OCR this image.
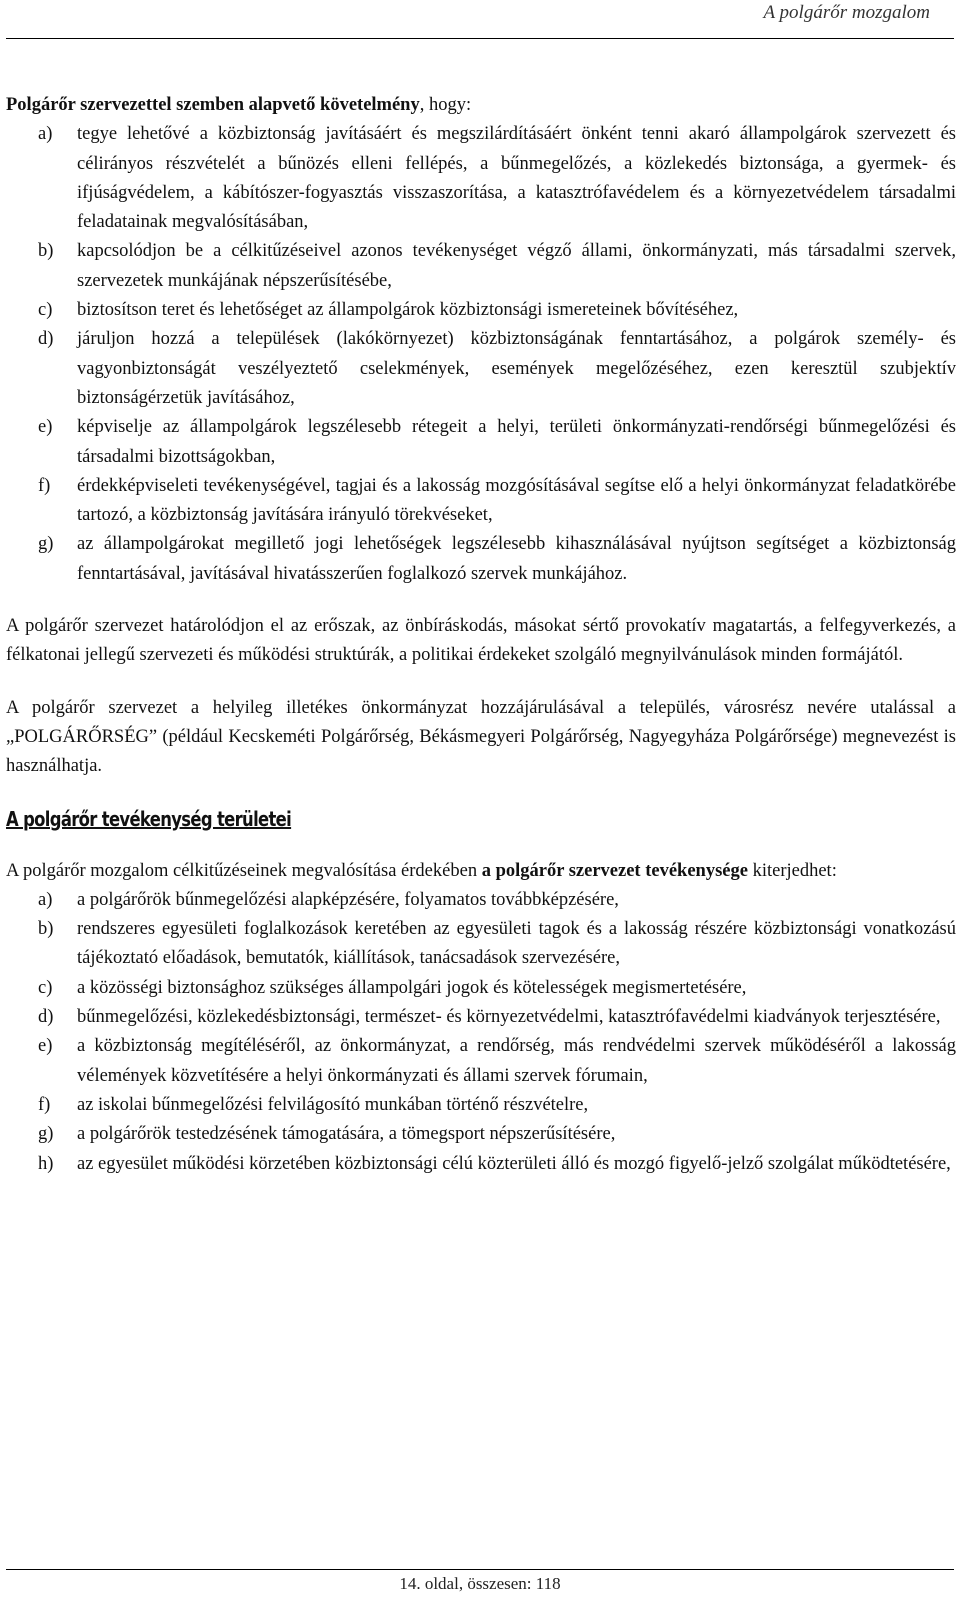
A polgárőr mozgalom

Polgárőr szervezettel szemben alapvető követelmény, hogy:

a) tegye lehetővé a közbiztonság javításáért és megszilárdításáért önként tenni akaró állampolgárok szervezett és célirányos részvételét a bűnözés elleni fellépés, a bűnmegelőzés, a közlekedés biztonsága, a gyermek- és ifjúságvédelem, a kábítószer-fogyasztás visszaszorítása, a katasztrófavédelem és a környezetvédelem társadalmi feladatainak megvalósításában,
b) kapcsolódjon be a célkitűzéseivel azonos tevékenységet végző állami, önkormányzati, más társadalmi szervek, szervezetek munkájának népszerűsítésébe,
c) biztosítson teret és lehetőséget az állampolgárok közbiztonsági ismereteinek bővítéséhez,
d) járuljon hozzá a települések (lakókörnyezet) közbiztonságának fenntartásához, a polgárok személy- és vagyonbiztonságát veszélyeztető cselekmények, események megelőzéséhez, ezen keresztül szubjektív biztonságérzetük javításához,
e) képviselje az állampolgárok legszélesebb rétegeit a helyi, területi önkormányzati-rendőrségi bűnmegelőzési és társadalmi bizottságokban,
f) érdekképviseleti tevékenységével, tagjai és a lakosság mozgósításával segítse elő a helyi önkormányzat feladatkörébe tartozó, a közbiztonság javítására irányuló törekvéseket,
g) az állampolgárokat megillető jogi lehetőségek legszélesebb kihasználásával nyújtson segítséget a közbiztonság fenntartásával, javításával hivatásszerűen foglalkozó szervek munkájához.

A polgárőr szervezet határolódjon el az erőszak, az önbíráskodás, másokat sértő provokatív magatartás, a felfegyverkezés, a félkatonai jellegű szervezeti és működési struktúrák, a politikai érdekeket szolgáló megnyilvánulások minden formájától.

A polgárőr szervezet a helyileg illetékes önkormányzat hozzájárulásával a település, városrész nevére utalással a „POLGÁRŐRSÉG” (például Kecskeméti Polgárőrség, Békásmegyeri Polgárőrség, Nagyegyháza Polgárőrsége) megnevezést is használhatja.

A polgárőr tevékenység területei

A polgárőr mozgalom célkitűzéseinek megvalósítása érdekében a polgárőr szervezet tevékenysége kiterjedhet:

a) a polgárőrök bűnmegelőzési alapképzésére, folyamatos továbbképzésére,
b) rendszeres egyesületi foglalkozások keretében az egyesületi tagok és a lakosság részére közbiztonsági vonatkozású tájékoztató előadások, bemutatók, kiállítások, tanácsadások szervezésére,
c) a közösségi biztonsághoz szükséges állampolgári jogok és kötelességek megismertetésére,
d) bűnmegelőzési, közlekedésbiztonsági, természet- és környezetvédelmi, katasztrófavédelmi kiadványok terjesztésére,
e) a közbiztonság megítéléséről, az önkormányzat, a rendőrség, más rendvédelmi szervek működéséről a lakosság vélemények közvetítésére a helyi önkormányzati és állami szervek fórumain,
f) az iskolai bűnmegelőzési felvilágosító munkában történő részvételre,
g) a polgárőrök testedzésének támogatására, a tömegsport népszerűsítésére,
h) az egyesület működési körzetében közbiztonsági célú közterületi álló és mozgó figyelő-jelző szolgálat működtetésére,
14. oldal, összesen: 118
